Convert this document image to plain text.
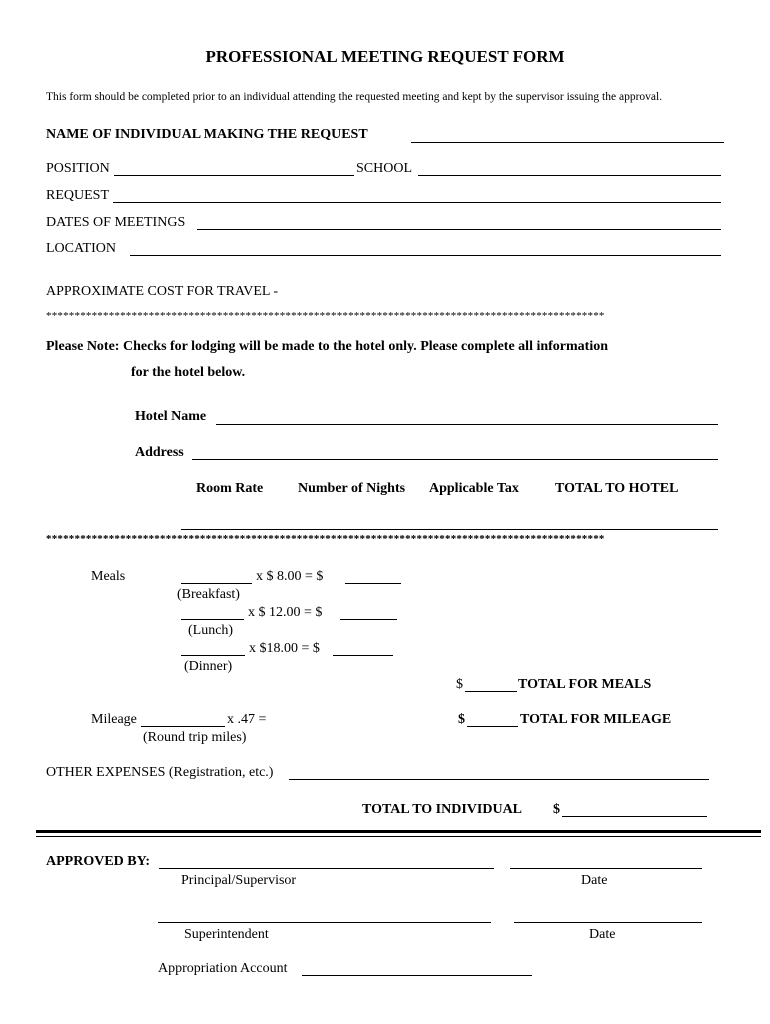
PROFESSIONAL MEETING REQUEST FORM
This form should be completed prior to an individual attending the requested meeting and kept by the supervisor issuing the approval.
NAME OF INDIVIDUAL MAKING THE REQUEST
POSITION	SCHOOL
REQUEST
DATES OF MEETINGS
LOCATION
APPROXIMATE COST FOR TRAVEL -
**************************************************************************************************
Please Note: Checks for lodging will be made to the hotel only. Please complete all information
for the hotel below.
Hotel Name
Address
Room Rate Number of Nights Applicable Tax	TOTAL TO HOTEL
**************************************************************************************************
Meals	x $ 8.00 = $
(Breakfast)
x $ 12.00 = $
(Lunch)
x $18.00 = $
(Dinner)
$	TOTAL FOR MEALS
Mileage	x .47 =
(Round trip miles)
$	TOTAL FOR MILEAGE
OTHER EXPENSES (Registration, etc.)
TOTAL TO INDIVIDUAL $
APPROVED BY:
Principal/Supervisor	Date
Superintendent	Date
Appropriation Account
